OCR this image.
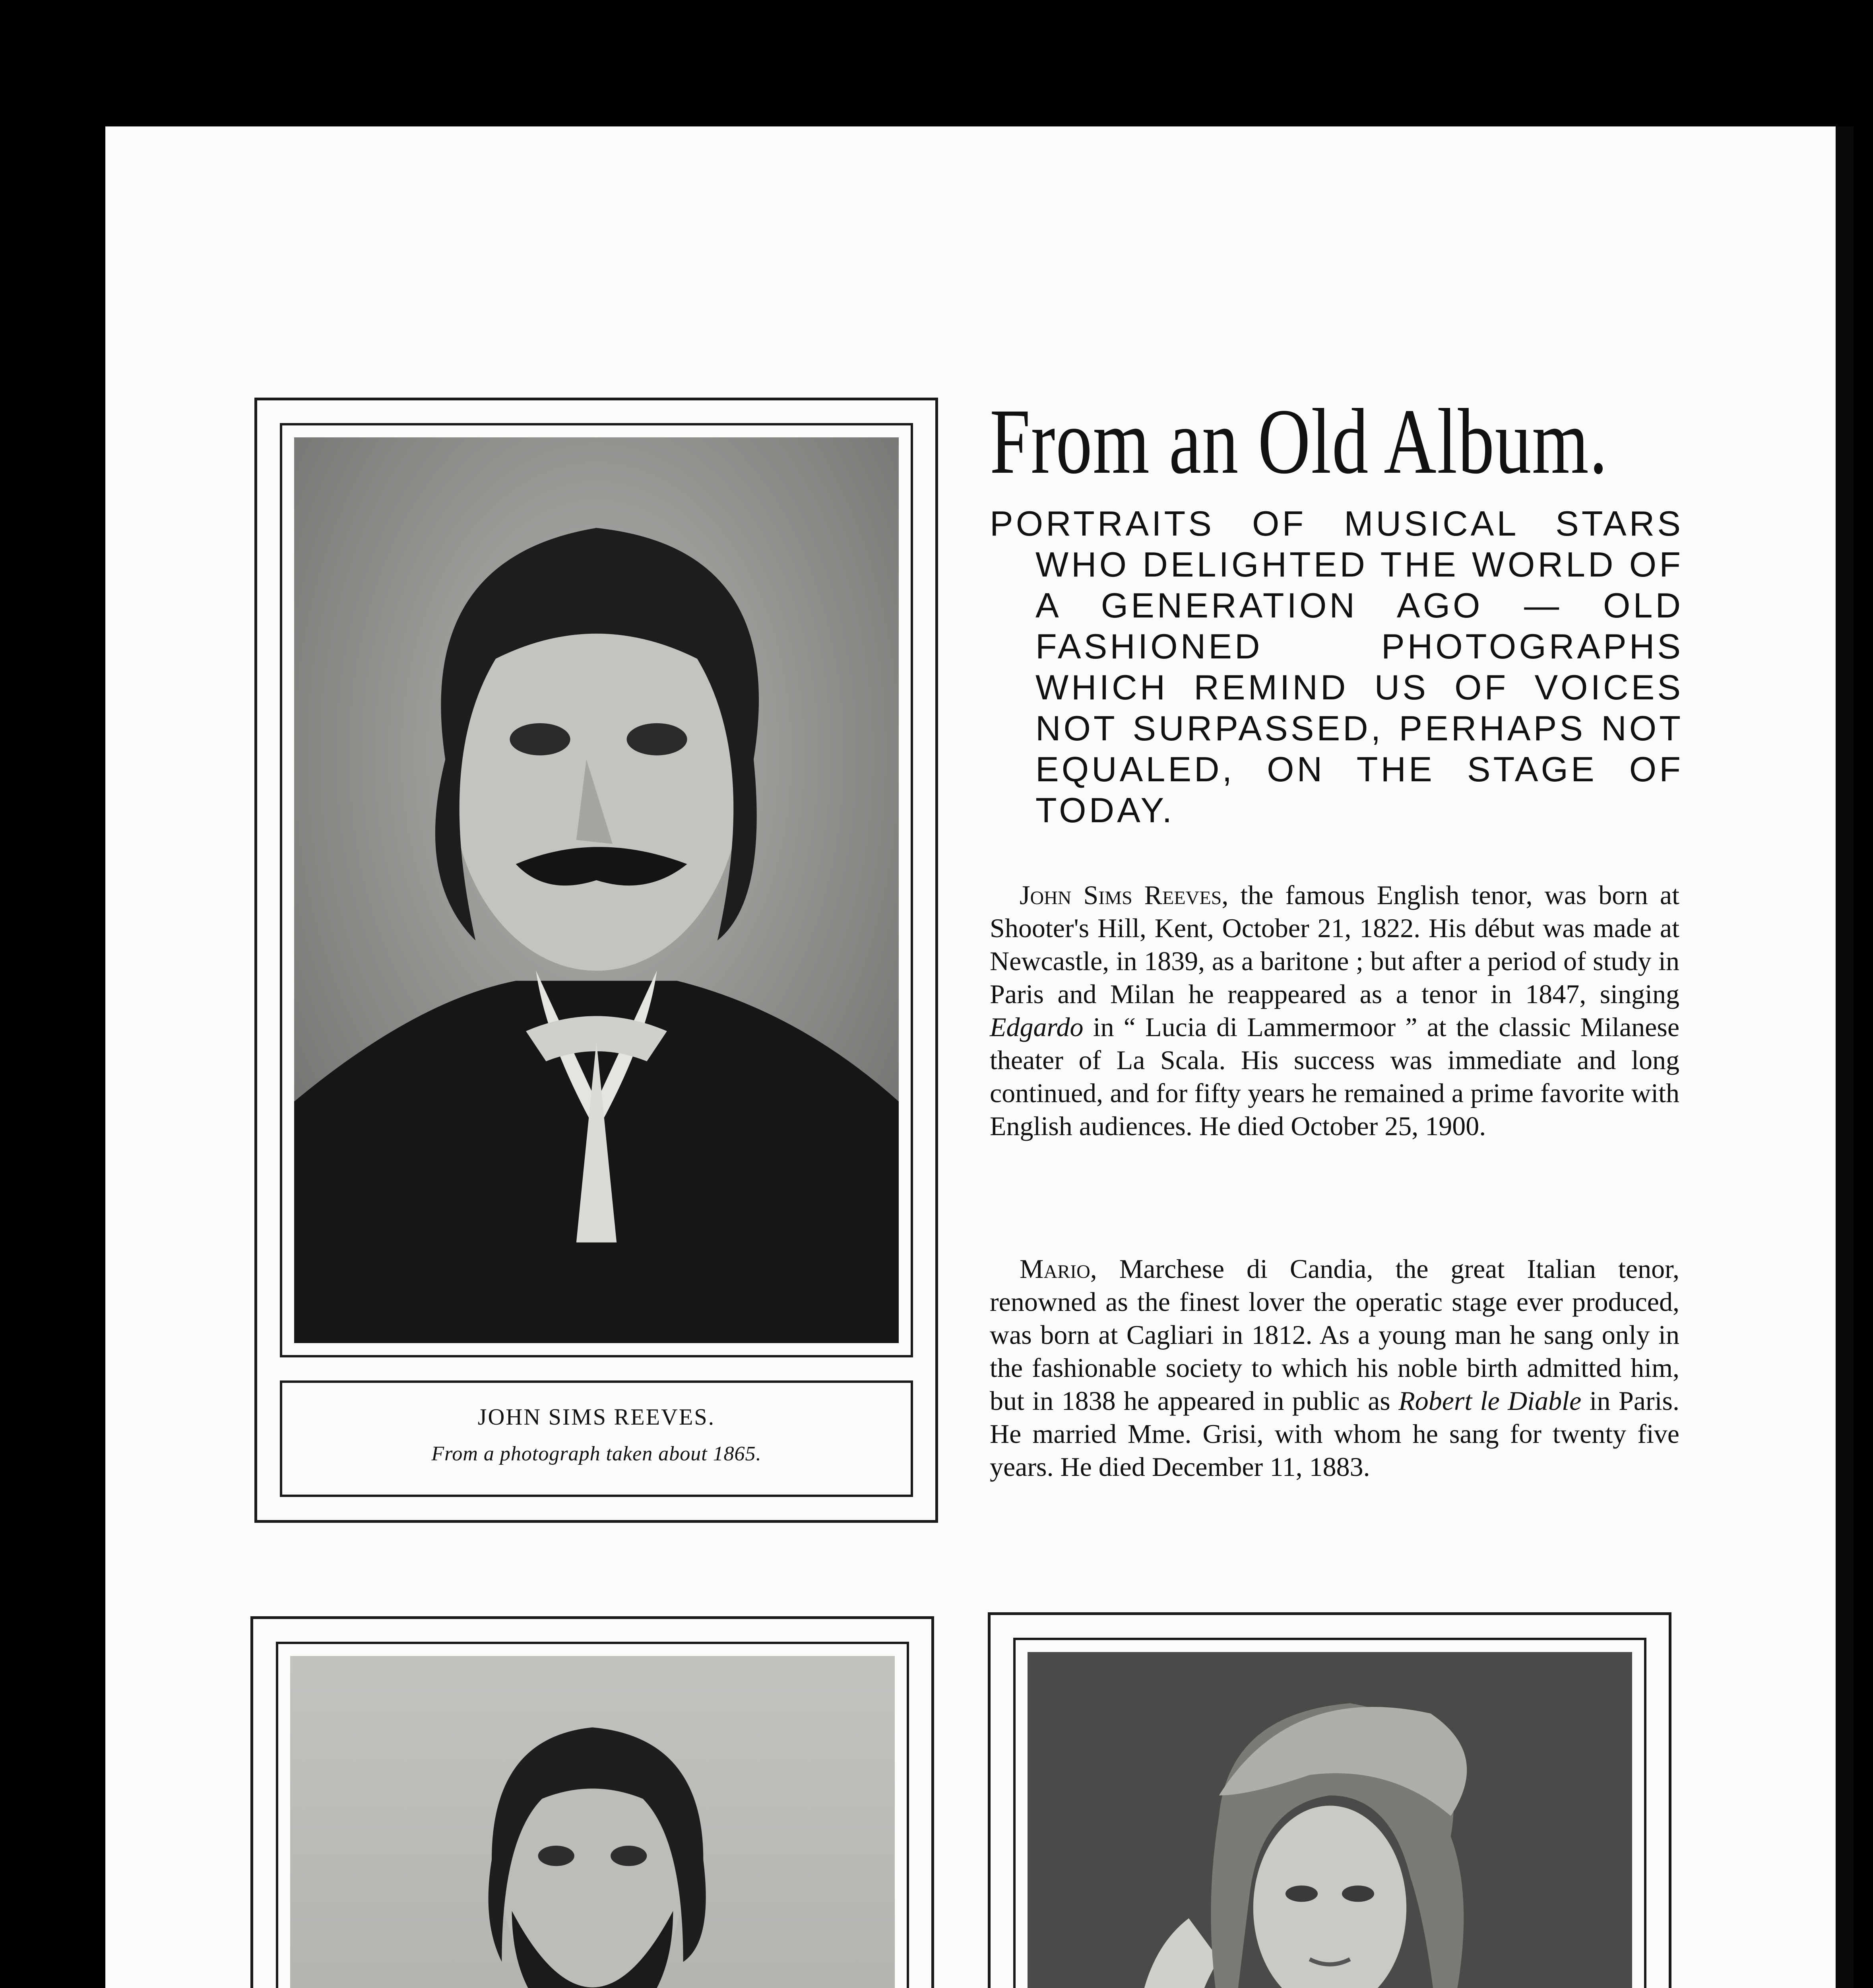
JOHN SIMS REEVES.
From a photograph taken about 1865.
From an Old Album.
PORTRAITS OF MUSICAL STARS WHO DELIGHTED THE WORLD OF A GENERATION AGO — OLD FASHIONED PHOTOGRAPHS WHICH REMIND US OF VOICES NOT SURPASSED, PERHAPS NOT EQUALED, ON THE STAGE OF TODAY.
John Sims Reeves, the famous English tenor, was born at Shooter's Hill, Kent, October 21, 1822. His début was made at Newcastle, in 1839, as a baritone ; but after a period of study in Paris and Milan he reappeared as a tenor in 1847, singing Edgardo in “ Lucia di Lammermoor ” at the classic Milanese theater of La Scala. His success was immediate and long continued, and for fifty years he remained a prime favorite with English audiences. He died October 25, 1900.
Mario, Marchese di Candia, the great Italian tenor, renowned as the finest lover the operatic stage ever produced, was born at Cagliari in 1812. As a young man he sang only in the fashionable society to which his noble birth admitted him, but in 1838 he appeared in public as Robert le Diable in Paris. He married Mme. Grisi, with whom he sang for twenty five years. He died December 11, 1883.
